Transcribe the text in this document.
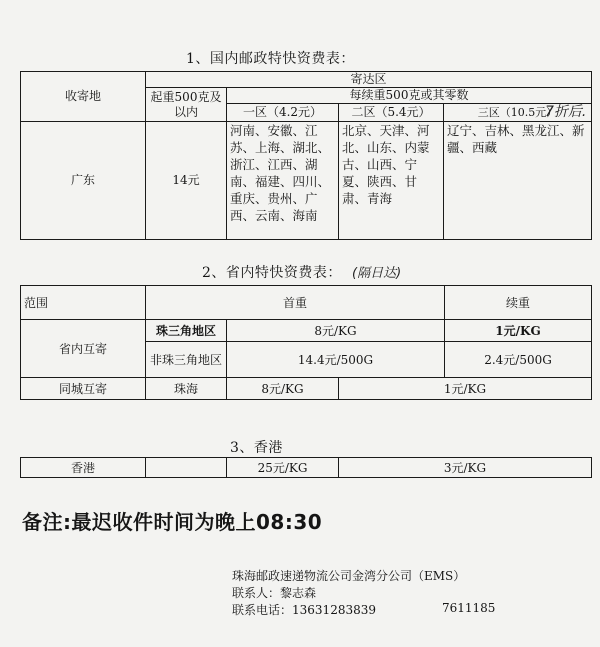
1、国内邮政特快资费表：
收寄地	寄达区			
	起重500克及以内	每续重500克或其零数		
		一区（4.2元）	二区（5.4元）	三区（10.5元）
广东	14元	河南、安徽、江苏、上海、湖北、浙江、江西、湖南、福建、四川、重庆、贵州、广西、云南、海南	北京、天津、河北、山东、内蒙古、山西、宁夏、陕西、甘肃、青海	辽宁、吉林、黑龙江、新疆、西藏
7折后.
2、省内特快资费表： (隔日达)
范围	首重			续重
省内互寄	珠三角地区	8元/KG		1元/KG
	非珠三角地区	14.4元/500G		2.4元/500G
同城互寄	珠海	8元/KG	1元/KG	
3、香港
香港		25元/KG	3元/KG
备注:最迟收件时间为晚上08:30
珠海邮政速递物流公司金湾分公司（EMS）
联系人：黎志森
联系电话：13631283839	7611185
